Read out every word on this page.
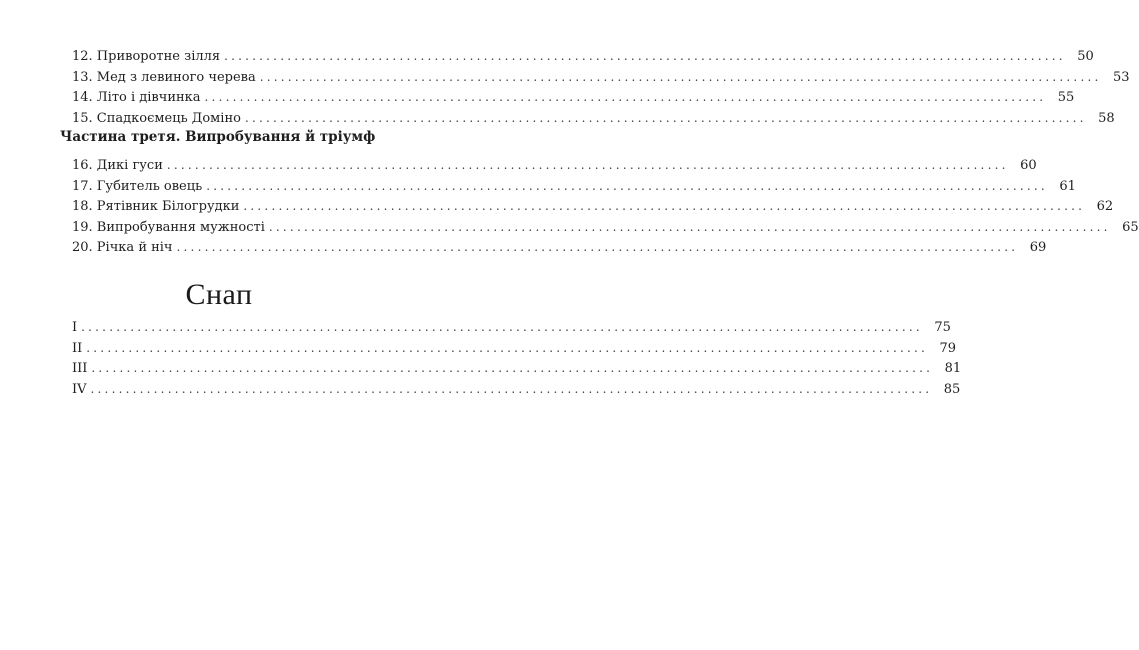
12. Приворотне зілля ........................................................................................................................ 50
13. Мед з левиного черева ........................................................................................................................ 53
14. Літо і дівчинка ........................................................................................................................ 55
15. Спадкоємець Доміно ........................................................................................................................ 58
Частина третя. Випробування й тріумф
16. Дикі гуси ........................................................................................................................ 60
17. Губитель овець ........................................................................................................................ 61
18. Рятівник Білогрудки ........................................................................................................................ 62
19. Випробування мужності ........................................................................................................................ 65
20. Річка й ніч ........................................................................................................................ 69
Снап
I ........................................................................................................................ 75
II ........................................................................................................................ 79
III ........................................................................................................................ 81
IV ........................................................................................................................ 85
